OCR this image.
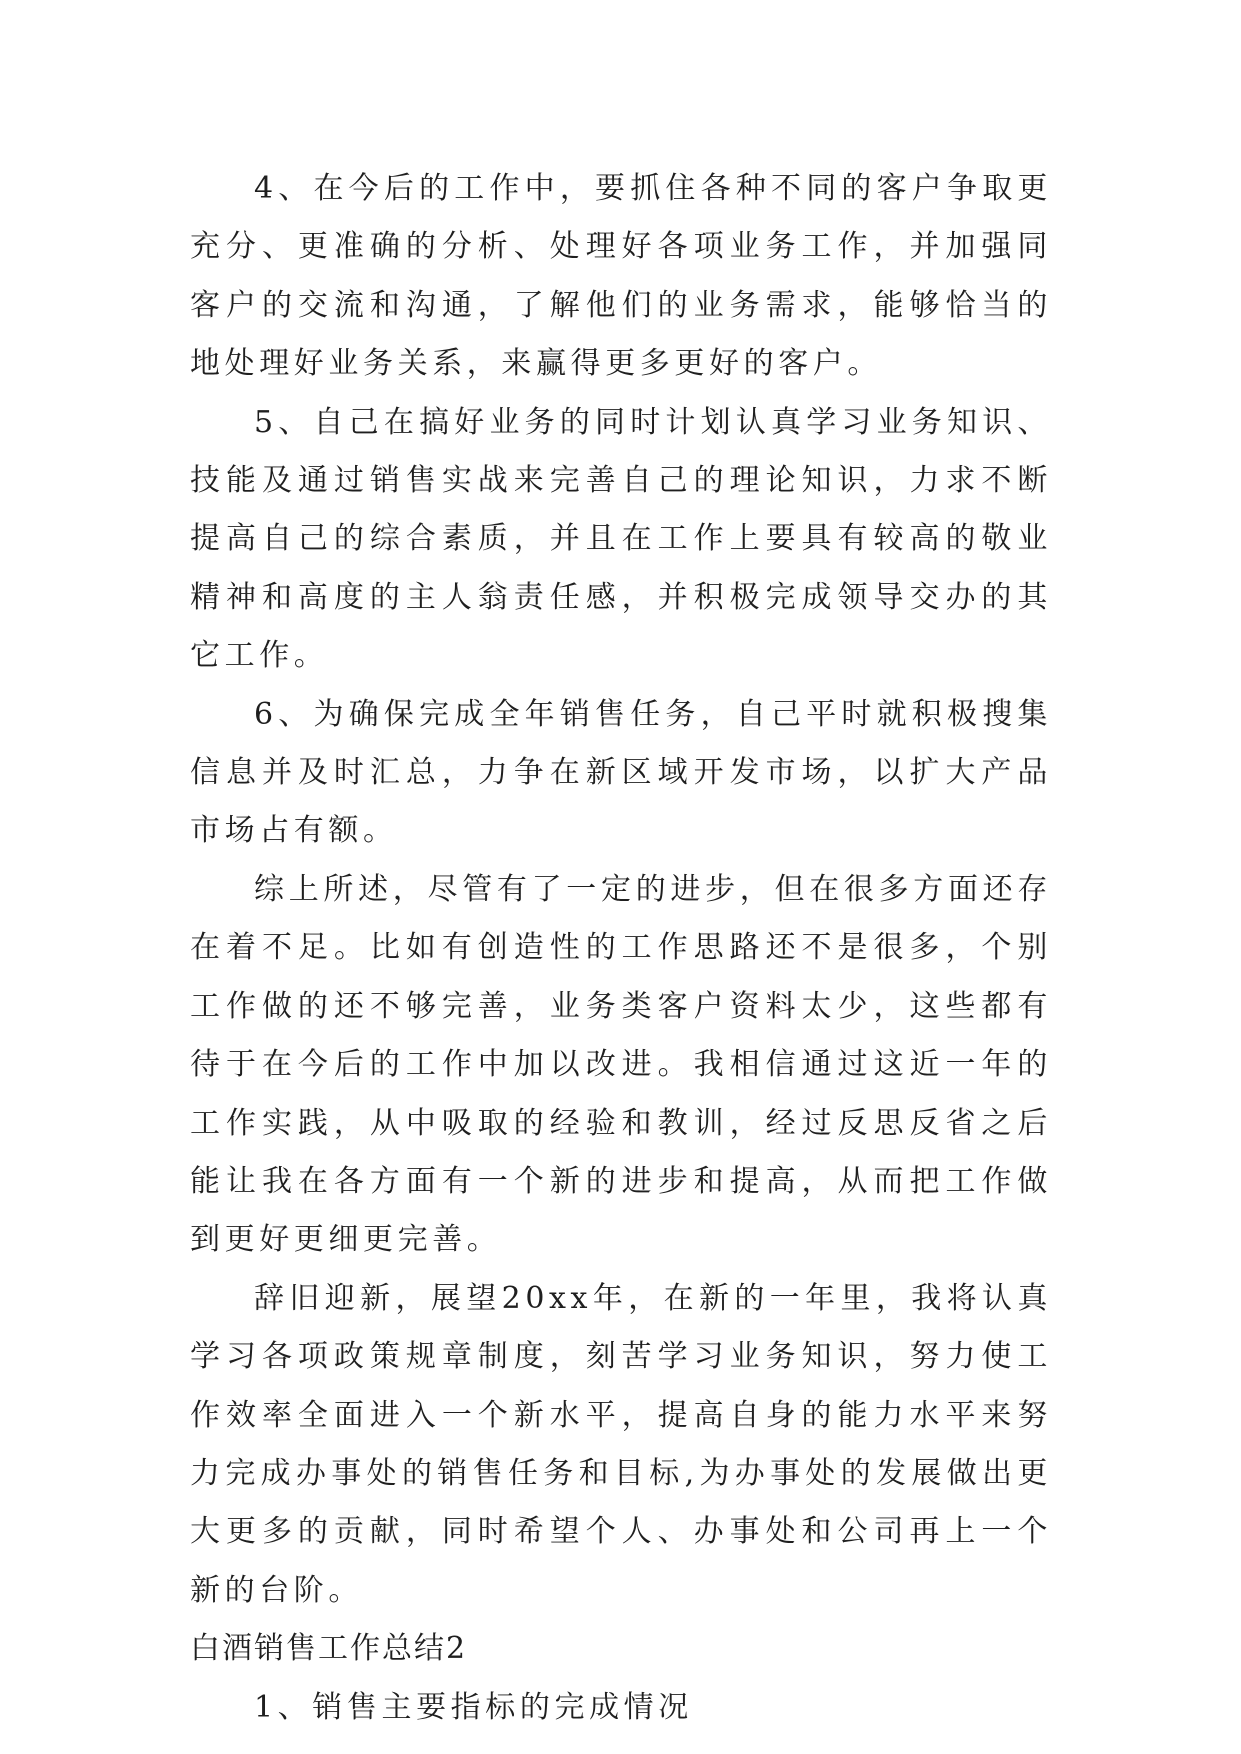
4、在今后的工作中，要抓住各种不同的客户争取更充分、更准确的分析、处理好各项业务工作，并加强同客户的交流和沟通，了解他们的业务需求，能够恰当的地处理好业务关系，来赢得更多更好的客户。

5、自己在搞好业务的同时计划认真学习业务知识、技能及通过销售实战来完善自己的理论知识，力求不断提高自己的综合素质，并且在工作上要具有较高的敬业精神和高度的主人翁责任感，并积极完成领导交办的其它工作。

6、为确保完成全年销售任务，自己平时就积极搜集信息并及时汇总，力争在新区域开发市场，以扩大产品市场占有额。

综上所述，尽管有了一定的进步，但在很多方面还存在着不足。比如有创造性的工作思路还不是很多，个别工作做的还不够完善，业务类客户资料太少，这些都有待于在今后的工作中加以改进。我相信通过这近一年的工作实践，从中吸取的经验和教训，经过反思反省之后能让我在各方面有一个新的进步和提高，从而把工作做到更好更细更完善。

辞旧迎新，展望20xx年，在新的一年里，我将认真学习各项政策规章制度，刻苦学习业务知识，努力使工作效率全面进入一个新水平，提高自身的能力水平来努力完成办事处的销售任务和目标,为办事处的发展做出更大更多的贡献，同时希望个人、办事处和公司再上一个新的台阶。

白酒销售工作总结2

1、销售主要指标的完成情况
